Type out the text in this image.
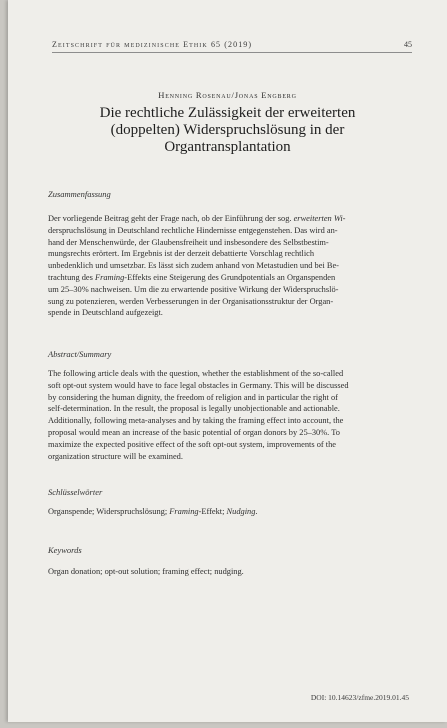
Zeitschrift für medizinische Ethik 65 (2019)	45
Henning Rosenau/Jonas Engberg
Die rechtliche Zulässigkeit der erweiterten
(doppelten) Widerspruchslösung in der
Organtransplantation
Zusammenfassung
Der vorliegende Beitrag geht der Frage nach, ob der Einführung der sog. erweiterten Wi-
derspruchslösung in Deutschland rechtliche Hindernisse entgegenstehen. Das wird an-
hand der Menschenwürde, der Glaubensfreiheit und insbesondere des Selbstbestim-
mungsrechts erörtert. Im Ergebnis ist der derzeit debattierte Vorschlag rechtlich
unbedenklich und umsetzbar. Es lässt sich zudem anhand von Metastudien und bei Be-
trachtung des Framing-Effekts eine Steigerung des Grundpotentials an Organspenden
um 25–30% nachweisen. Um die zu erwartende positive Wirkung der Widerspruchslö-
sung zu potenzieren, werden Verbesserungen in der Organisationsstruktur der Organ-
spende in Deutschland aufgezeigt.
Abstract/Summary
The following article deals with the question, whether the establishment of the so-called
soft opt-out system would have to face legal obstacles in Germany. This will be discussed
by considering the human dignity, the freedom of religion and in particular the right of
self-determination. In the result, the proposal is legally unobjectionable and actionable.
Additionally, following meta-analyses and by taking the framing effect into account, the
proposal would mean an increase of the basic potential of organ donors by 25–30%. To
maximize the expected positive effect of the soft opt-out system, improvements of the
organization structure will be examined.
Schlüsselwörter
Organspende; Widerspruchslösung; Framing-Effekt; Nudging.
Keywords
Organ donation; opt-out solution; framing effect; nudging.
DOI: 10.14623/zfme.2019.01.45
